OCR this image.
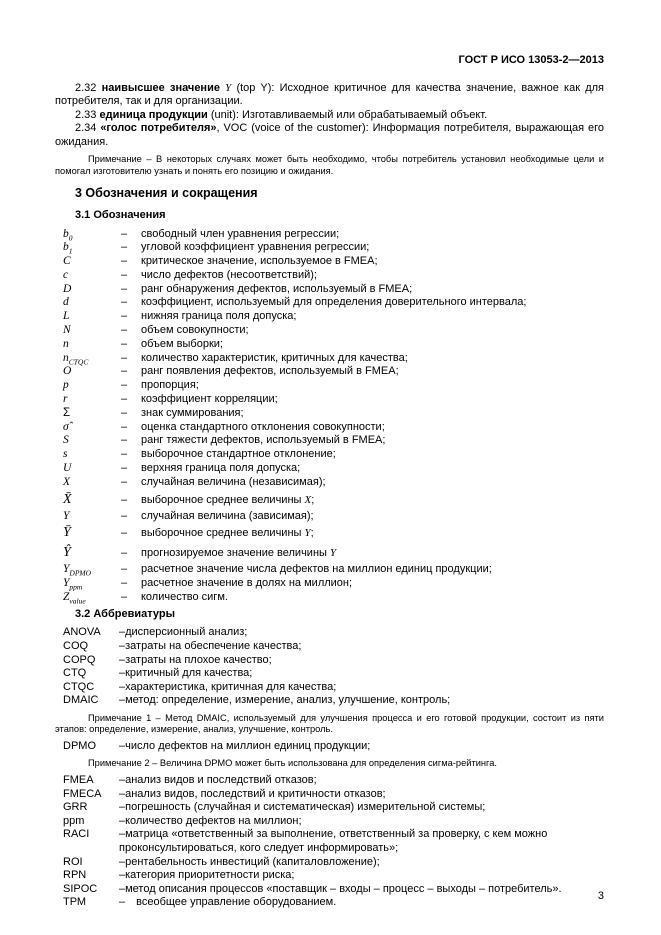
ГОСТ Р ИСО 13053-2—2013

2.32 наивысшее значение Y (top Y): Исходное критичное для качества значение, важное как для потребителя, так и для организации.

2.33 единица продукции (unit): Изготавливаемый или обрабатываемый объект.

2.34 «голос потребителя», VOC (voice of the customer): Информация потребителя, выражающая его ожидания.

Примечание – В некоторых случаях может быть необходимо, чтобы потребитель установил необходимые цели и помогал изготовителю узнать и понять его позицию и ожидания.

3 Обозначения и сокращения
3.1 Обозначения
$b_0$	–	свободный член уравнения регрессии;
$b_1$	–	угловой коэффициент уравнения регрессии;
C	–	критическое значение, используемое в FMEA;
c	–	число дефектов (несоответствий);
D	–	ранг обнаружения дефектов, используемый в FMEA;
d	–	коэффициент, используемый для определения доверительного интервала;
L	–	нижняя граница поля допуска;
N	–	объем совокупности;
n	–	объем выборки;
$n_{CTQC}$	–	количество характеристик, критичных для качества;
O	–	ранг появления дефектов, используемый в FMEA;
p	–	пропорция;
r	–	коэффициент корреляции;
Σ	–	знак суммирования;
σ̂	–	оценка стандартного отклонения совокупности;
S	–	ранг тяжести дефектов, используемый в FMEA;
s	–	выборочное стандартное отклонение;
U	–	верхняя граница поля допуска;
X	–	случайная величина (независимая);
X̄	–	выборочное среднее величины X;
Y	–	случайная величина (зависимая);
Ȳ	–	выборочное среднее величины Y;
Ŷ	–	прогнозируемое значение величины Y
$Y_{DPMO}$	–	расчетное значение числа дефектов на миллион единиц продукции;
$Y_{ppm}$	–	расчетное значение в долях на миллион;
$Z_{value}$	–	количество сигм.
3.2 Аббревиатуры
ANOVA	–дисперсионный анализ;
COQ	–затраты на обеспечение качества;
COPQ	–затраты на плохое качество;
CTQ	–критичный для качества;
CTQC	–характеристика, критичная для качества;
DMAIC	–метод: определение, измерение, анализ, улучшение, контроль;

Примечание 1 – Метод DMAIC, используемый для улучшения процесса и его готовой продукции, состоит из пяти этапов: определение, измерение, анализ, улучшение, контроль.

DPMO	–число дефектов на миллион единиц продукции;

Примечание 2 – Величина DPMO может быть использована для определения сигма-рейтинга.

FMEA	–анализ видов и последствий отказов;
FMECA	–анализ видов, последствий и критичности отказов;
GRR	–погрешность (случайная и систематическая) измерительной системы;
ppm	–количество дефектов на миллион;
RACI	–матрица «ответственный за выполнение, ответственный за проверку, с кем можно проконсультироваться, кого следует информировать»;
ROI	–рентабельность инвестиций (капиталовложение);
RPN	–категория приоритетности риска;
SIPOC	–метод описания процессов «поставщик – входы – процесс – выходы – потребитель».
ТРМ	– всеобщее управление оборудованием.
3
